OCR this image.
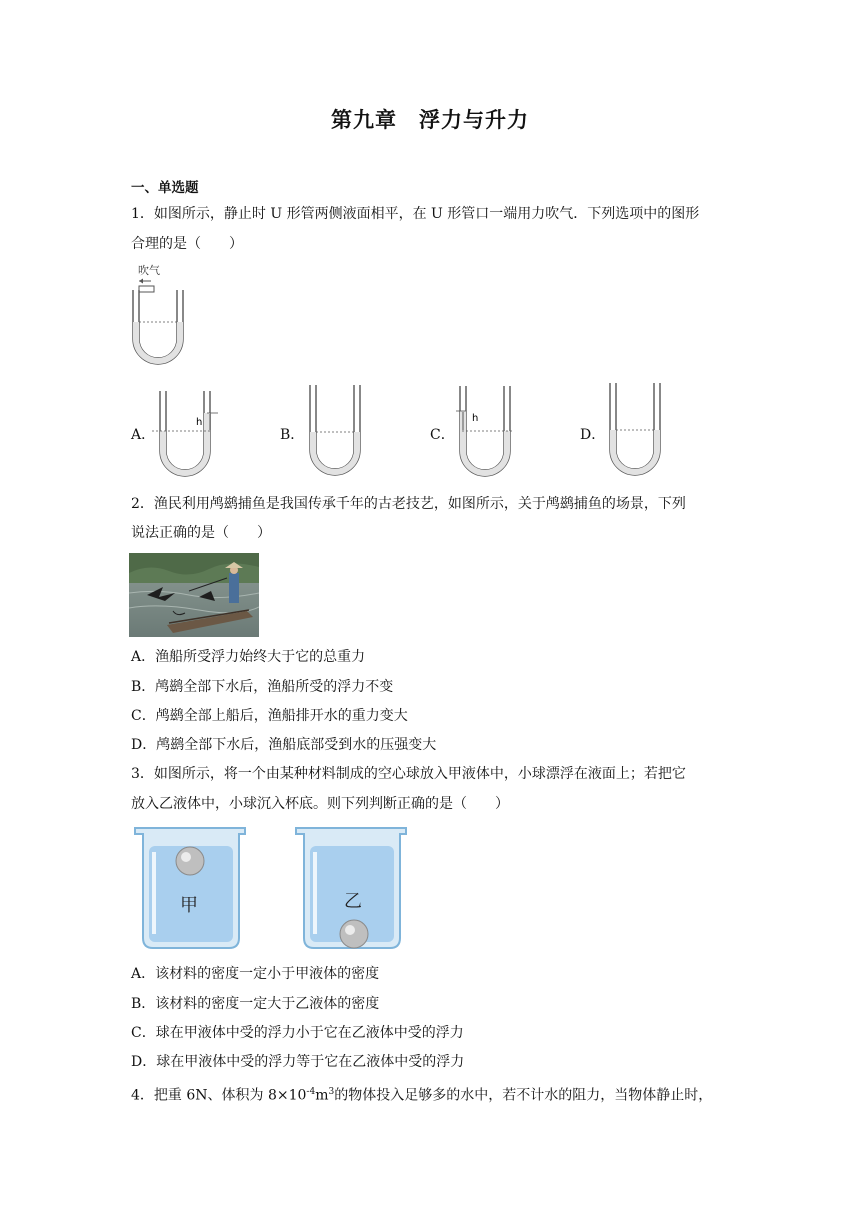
第九章　浮力与升力
一、单选题
1．如图所示，静止时 U 形管两侧液面相平，在 U 形管口一端用力吹气．下列选项中的图形
合理的是（　　）
吹气
A．
h
B．	C．
h
D．
2．渔民利用鸬鹚捕鱼是我国传承千年的古老技艺，如图所示，关于鸬鹚捕鱼的场景，下列
说法正确的是（　　）
A．渔船所受浮力始终大于它的总重力
B．鸬鹚全部下水后，渔船所受的浮力不变
C．鸬鹚全部上船后，渔船排开水的重力变大
D．鸬鹚全部下水后，渔船底部受到水的压强变大
3．如图所示，将一个由某种材料制成的空心球放入甲液体中，小球漂浮在液面上；若把它
放入乙液体中，小球沉入杯底。则下列判断正确的是（　　）
甲	乙
A．该材料的密度一定小于甲液体的密度
B．该材料的密度一定大于乙液体的密度
C．球在甲液体中受的浮力小于它在乙液体中受的浮力
D．球在甲液体中受的浮力等于它在乙液体中受的浮力
4．把重 6N、体积为 $8\times 10^{-4}m^3$的物体投入足够多的水中，若不计水的阻力，当物体静止时，
